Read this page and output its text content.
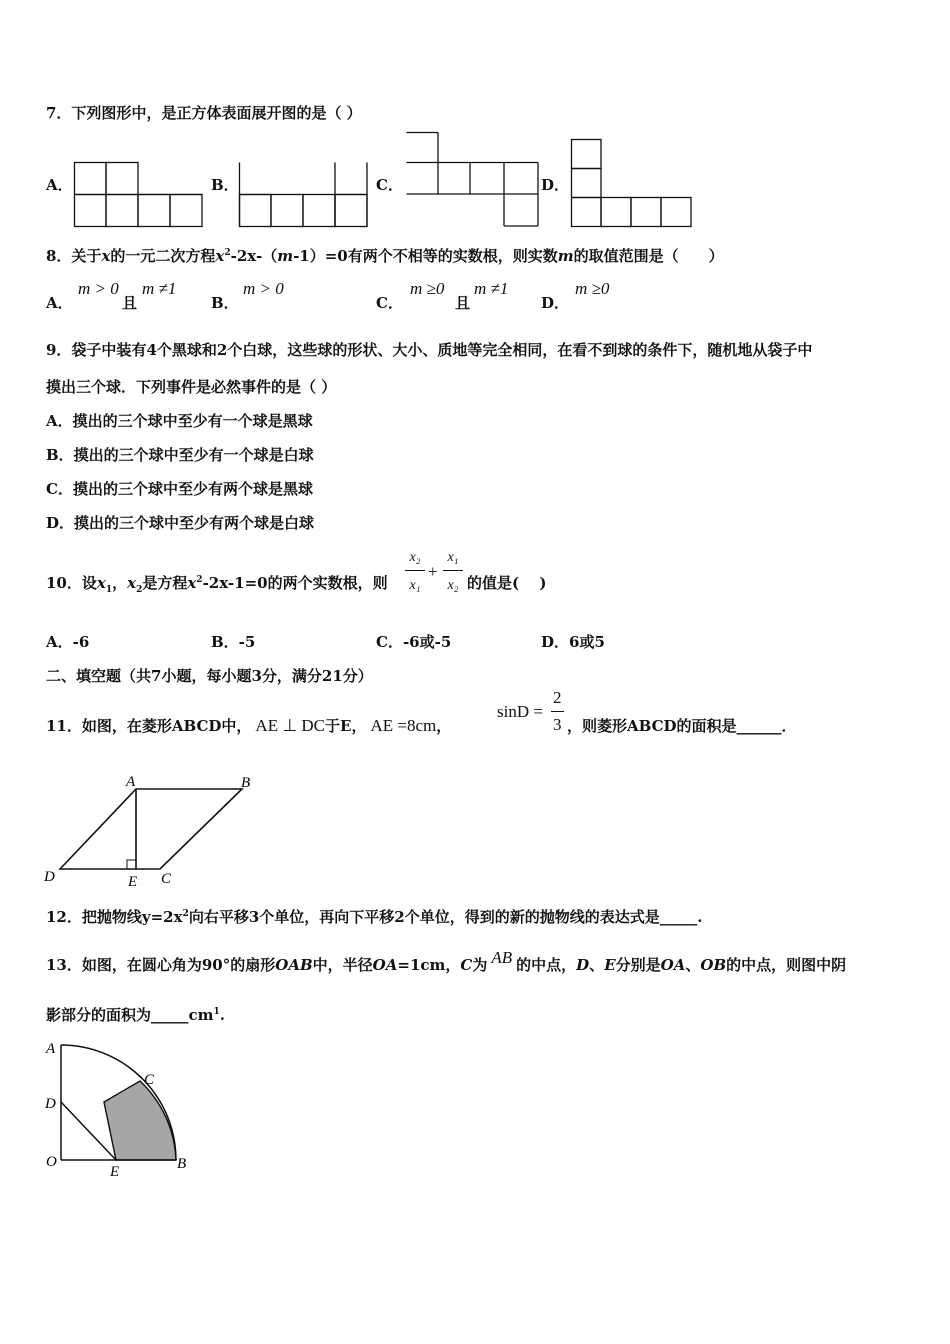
7．下列图形中，是正方体表面展开图的是（ ）
A．	B．	C．	D．
8．关于x的一元二次方程$x^2-2x-(m-1)=0$有两个不相等的实数根，则实数m的取值范围是（　　）
A．
m > 0
且
m ≠1
B．
m > 0
C．
m ≥0
且
m ≠1
D．
m ≥0
9．袋子中装有4个黑球和2个白球，这些球的形状、大小、质地等完全相同，在看不到球的条件下，随机地从袋子中
摸出三个球．下列事件是必然事件的是（ ）
A．摸出的三个球中至少有一个球是黑球
B．摸出的三个球中至少有一个球是白球
C．摸出的三个球中至少有两个球是黑球
D．摸出的三个球中至少有两个球是白球
10．设$x_1$，$x_2$是方程$x^2-2x-1=0$的两个实数根，则
x₂
x₁
+
x₁
x₂ 的值是(　 )
A．-6	B．-5	C．-6或-5	D．6或5
二、填空题（共7小题，每小题3分，满分21分）
11．如图，在菱形ABCD中， AE ⊥ DC于E， AE =8cm，
sinD =
2
3 ，则菱形ABCD的面积是______．
A	B
C
D	E
12．把抛物线$y=2x^2$向右平移3个单位，再向下平移2个单位，得到的新的抛物线的表达式是_____.
13．如图，在圆心角为90°的扇形OAB中，半径OA=1cm，C为 AB 的中点，D、E分别是OA、OB的中点，则图中阴
影部分的面积为$\_\_\_\_\_cm^1$.
A
C
D
O
E	B
